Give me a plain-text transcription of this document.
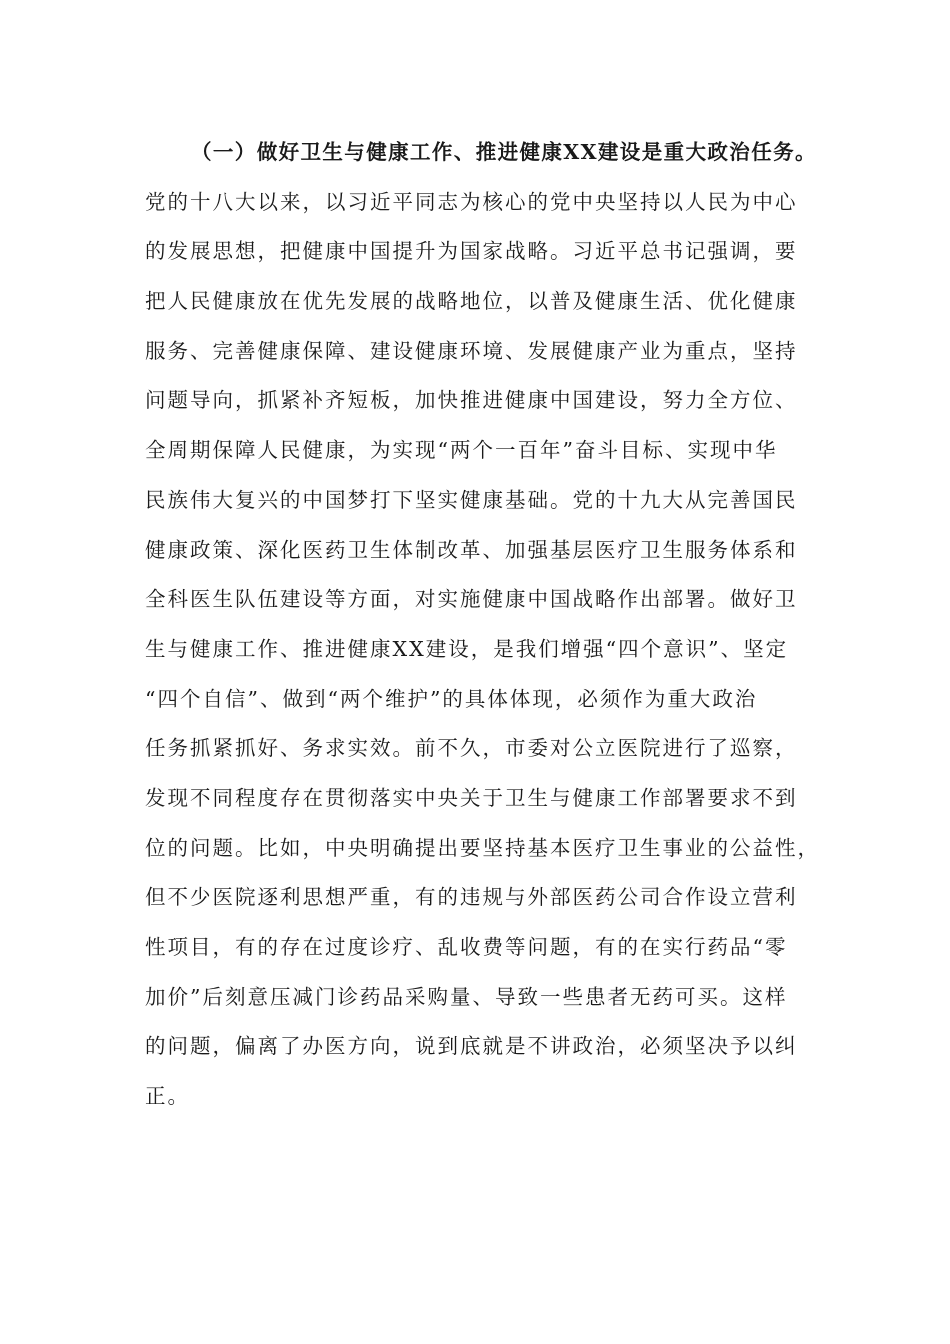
（一）做好卫生与健康工作、推进健康XX建设是重大政治任务。
党的十八大以来，以习近平同志为核心的党中央坚持以人民为中心
的发展思想，把健康中国提升为国家战略。习近平总书记强调，要
把人民健康放在优先发展的战略地位，以普及健康生活、优化健康
服务、完善健康保障、建设健康环境、发展健康产业为重点，坚持
问题导向，抓紧补齐短板，加快推进健康中国建设，努力全方位、
全周期保障人民健康，为实现“两个一百年”奋斗目标、实现中华
民族伟大复兴的中国梦打下坚实健康基础。党的十九大从完善国民
健康政策、深化医药卫生体制改革、加强基层医疗卫生服务体系和
全科医生队伍建设等方面，对实施健康中国战略作出部署。做好卫
生与健康工作、推进健康XX建设，是我们增强“四个意识”、坚定
“四个自信”、做到“两个维护”的具体体现，必须作为重大政治
任务抓紧抓好、务求实效。前不久，市委对公立医院进行了巡察，
发现不同程度存在贯彻落实中央关于卫生与健康工作部署要求不到
位的问题。比如，中央明确提出要坚持基本医疗卫生事业的公益性，
但不少医院逐利思想严重，有的违规与外部医药公司合作设立营利
性项目，有的存在过度诊疗、乱收费等问题，有的在实行药品“零
加价”后刻意压减门诊药品采购量、导致一些患者无药可买。这样
的问题，偏离了办医方向，说到底就是不讲政治，必须坚决予以纠
正。
